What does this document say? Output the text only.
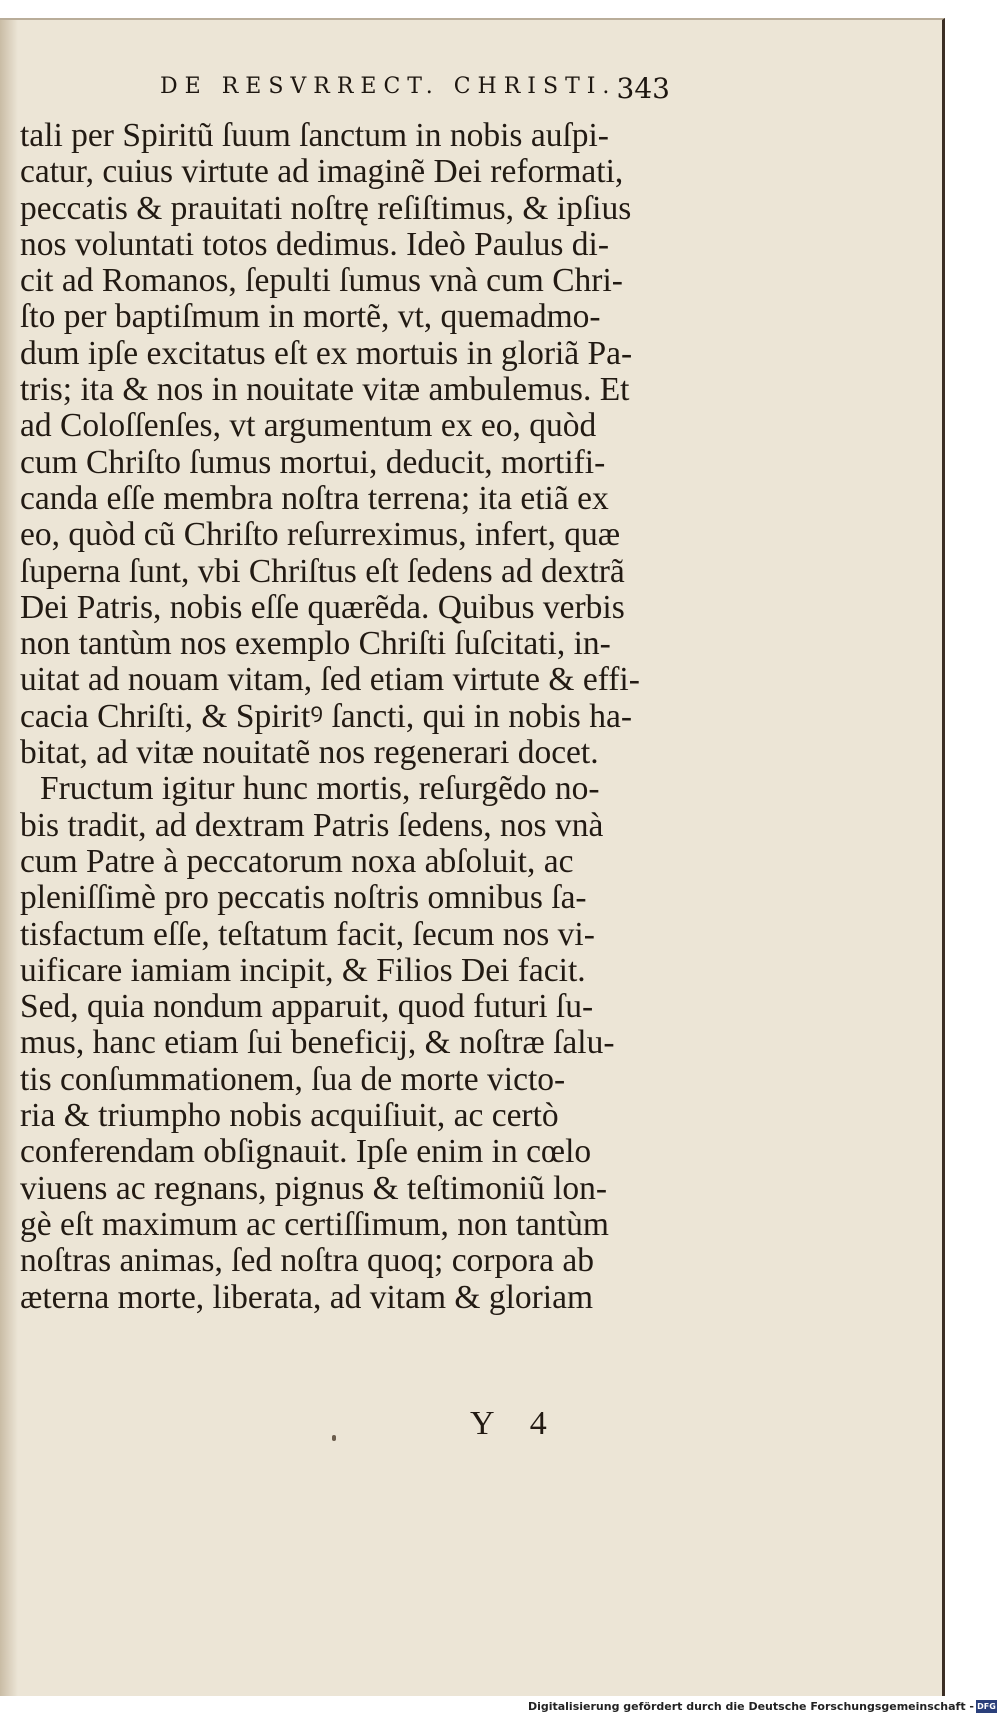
DE RESVRRECT. CHRISTI. 343
tali per Spiritũ ſuum ſanctum in nobis auſpi-
catur, cuius virtute ad imaginẽ Dei reformati,
peccatis & prauitati noſtrę reſiſtimus, & ipſius
nos voluntati totos dedimus. Ideò Paulus di-
cit ad Romanos, ſepulti ſumus vnà cum Chri-
ſto per baptiſmum in mortẽ, vt, quemadmo-
dum ipſe excitatus eſt ex mortuis in gloriã Pa-
tris; ita & nos in nouitate vitæ ambulemus. Et
ad Coloſſenſes, vt argumentum ex eo, quòd
cum Chriſto ſumus mortui, deducit, mortifi-
canda eſſe membra noſtra terrena; ita etiã ex
eo, quòd cũ Chriſto reſurreximus, infert, quæ
ſuperna ſunt, vbi Chriſtus eſt ſedens ad dextrã
Dei Patris, nobis eſſe quærẽda. Quibus verbis
non tantùm nos exemplo Chriſti ſuſcitati, in-
uitat ad nouam vitam, ſed etiam virtute & effi-
cacia Chriſti, & Spiritꝰ ſancti, qui in nobis ha-
bitat, ad vitæ nouitatẽ nos regenerari docet.
Fructum igitur hunc mortis, reſurgẽdo no-
bis tradit, ad dextram Patris ſedens, nos vnà
cum Patre à peccatorum noxa abſoluit, ac
pleniſſimè pro peccatis noſtris omnibus ſa-
tisfactum eſſe, teſtatum facit, ſecum nos vi-
uificare iamiam incipit, & Filios Dei facit.
Sed, quia nondum apparuit, quod futuri ſu-
mus, hanc etiam ſui beneficij, & noſtræ ſalu-
tis conſummationem, ſua de morte victo-
ria & triumpho nobis acquiſiuit, ac certò
conferendam obſignauit. Ipſe enim in cœlo
viuens ac regnans, pignus & teſtimoniũ lon-
gè eſt maximum ac certiſſimum, non tantùm
noſtras animas, ſed noſtra quoq; corpora ab
æterna morte, liberata, ad vitam & gloriam
Y 4
Digitalisierung gefördert durch die Deutsche Forschungsgemeinschaft - DFG
